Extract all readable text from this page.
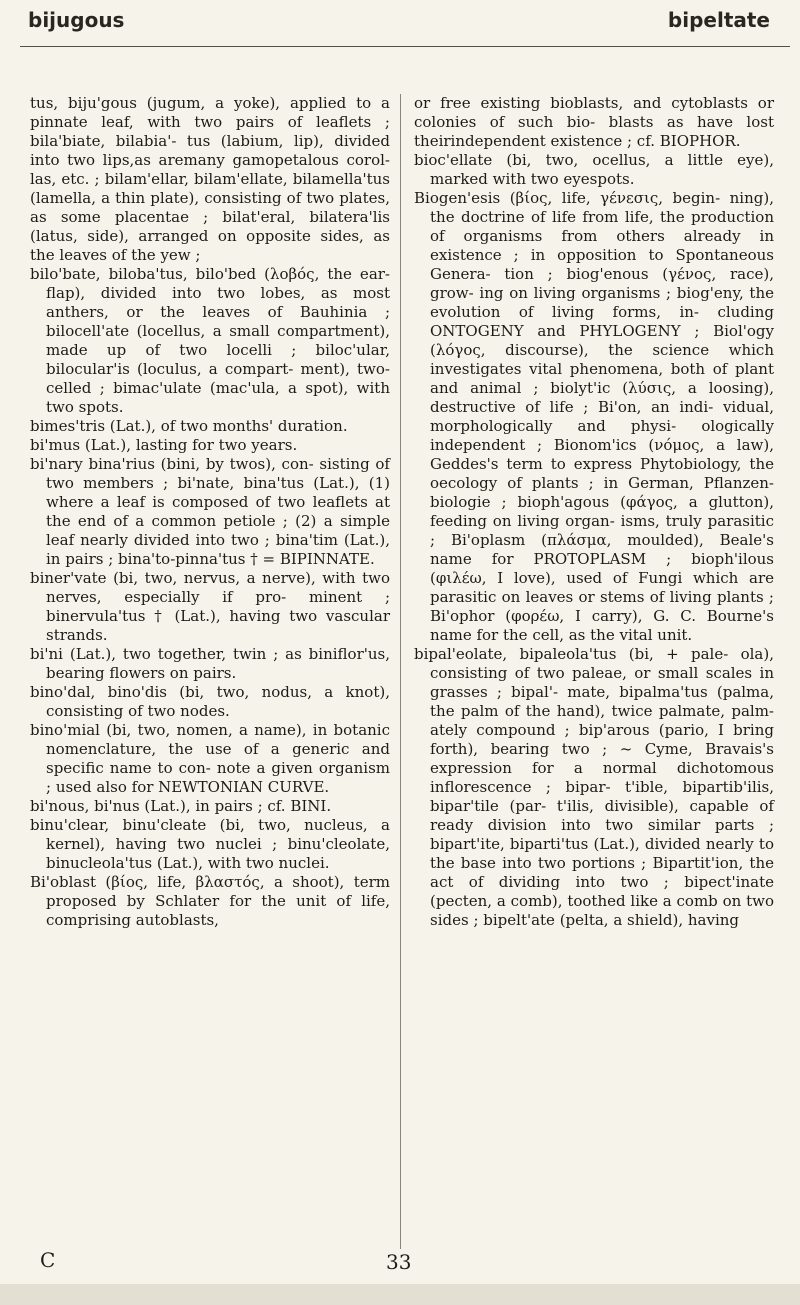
bijugous	bipeltate

tus, biju'gous (jugum, a yoke), applied to a pinnate leaf, with two pairs of leaflets ; bila'biate, bilabia'- tus (labium, lip), divided into two lips,as aremany gamopetalous corol- las, etc. ; bilam'ellar, bilam'ellate, bilamella'tus (lamella, a thin plate), consisting of two plates, as some placentae ; bilat'eral, bilatera'lis (latus, side), arranged on opposite sides, as the leaves of the yew ;

bilo'bate, biloba'tus, bilo'bed (λοβός, the ear-flap), divided into two lobes, as most anthers, or the leaves of Bauhinia ; bilocell'ate (locellus, a small compartment), made up of two locelli ; biloc'ular, bilocular'is (loculus, a compart- ment), two-celled ; bimac'ulate (mac'ula, a spot), with two spots.

bimes'tris (Lat.), of two months' duration.

bi'mus (Lat.), lasting for two years.

bi'nary bina'rius (bini, by twos), con- sisting of two members ; bi'nate, bina'tus (Lat.), (1) where a leaf is composed of two leaflets at the end of a common petiole ; (2) a simple leaf nearly divided into two ; bina'tim (Lat.), in pairs ; bina'to-pinna'tus † = BIPINNATE.

biner'vate (bi, two, nervus, a nerve), with two nerves, especially if pro- minent ; binervula'tus † (Lat.), having two vascular strands.

bi'ni (Lat.), two together, twin ; as biniflor'us, bearing flowers on pairs.

bino'dal, bino'dis (bi, two, nodus, a knot), consisting of two nodes.

bino'mial (bi, two, nomen, a name), in botanic nomenclature, the use of a generic and specific name to con- note a given organism ; used also for NEWTONIAN CURVE.

bi'nous, bi'nus (Lat.), in pairs ; cf. BINI.

binu'clear, binu'cleate (bi, two, nucleus, a kernel), having two nuclei ; binu'cleolate, binucleola'tus (Lat.), with two nuclei.

Bi'oblast (βίος, life, βλαστός, a shoot), term proposed by Schlater for the unit of life, comprising autoblasts,

or free existing bioblasts, and cytoblasts or colonies of such bio- blasts as have lost theirindependent existence ; cf. BIOPHOR.

bioc'ellate (bi, two, ocellus, a little eye), marked with two eyespots.

Biogen'esis (βίος, life, γένεσις, begin- ning), the doctrine of life from life, the production of organisms from others already in existence ; in opposition to Spontaneous Genera- tion ; biog'enous (γένος, race), grow- ing on living organisms ; biog'eny, the evolution of living forms, in- cluding ONTOGENY and PHYLOGENY ; Biol'ogy (λόγος, discourse), the science which investigates vital phenomena, both of plant and animal ; biolyt'ic (λύσις, a loosing), destructive of life ; Bi'on, an indi- vidual, morphologically and physi- ologically independent ; Bionom'ics (νόμος, a law), Geddes's term to express Phytobiology, the oecology of plants ; in German, Pflanzen- biologie ; bioph'agous (φάγος, a glutton), feeding on living organ- isms, truly parasitic ; Bi'oplasm (πλάσμα, moulded), Beale's name for PROTOPLASM ; bioph'ilous (φιλέω, I love), used of Fungi which are parasitic on leaves or stems of living plants ; Bi'ophor (φορέω, I carry), G. C. Bourne's name for the cell, as the vital unit.

bipal'eolate, bipaleola'tus (bi, + pale- ola), consisting of two paleae, or small scales in grasses ; bipal'- mate, bipalma'tus (palma, the palm of the hand), twice palmate, palm- ately compound ; bip'arous (pario, I bring forth), bearing two ; ~ Cyme, Bravais's expression for a normal dichotomous inflorescence ; bipar- t'ible, bipartib'ilis, bipar'tile (par- t'ilis, divisible), capable of ready division into two similar parts ; bipart'ite, biparti'tus (Lat.), divided nearly to the base into two portions ; Bipartit'ion, the act of dividing into two ; bipect'inate (pecten, a comb), toothed like a comb on two sides ; bipelt'ate (pelta, a shield), having

C	33
